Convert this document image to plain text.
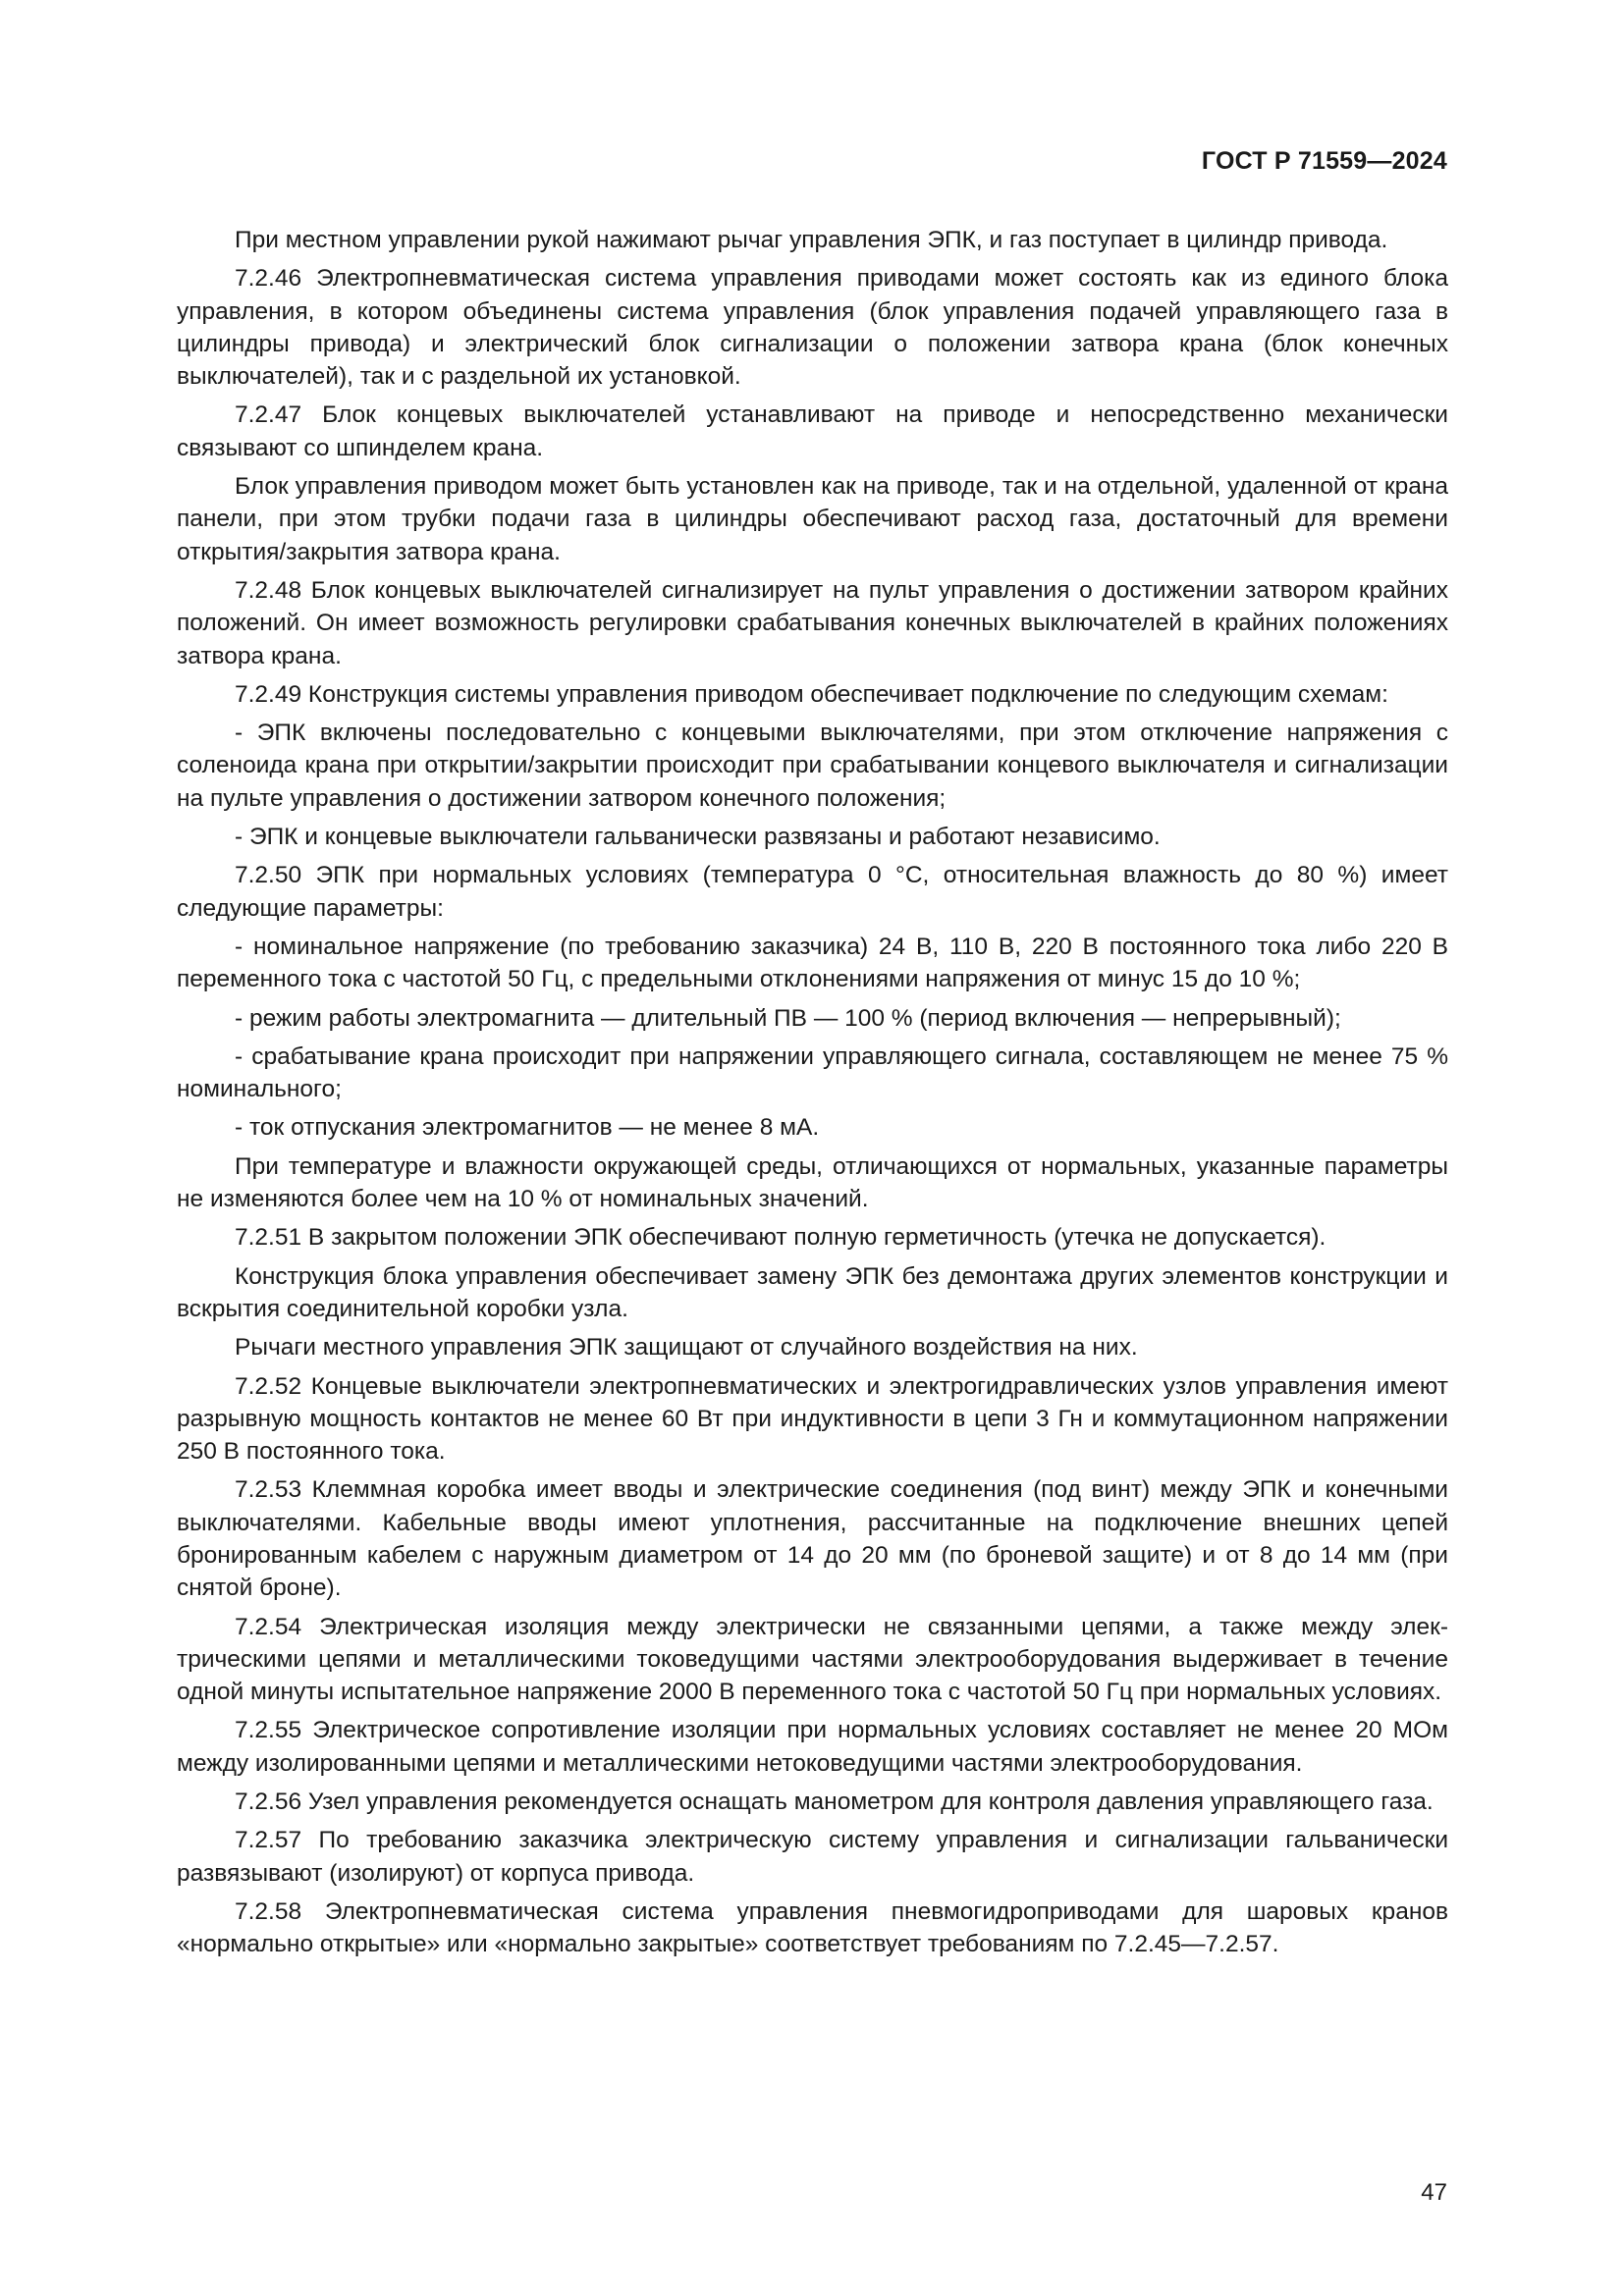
ГОСТ Р 71559—2024

При местном управлении рукой нажимают рычаг управления ЭПК, и газ поступает в цилиндр привода.

7.2.46 Электропневматическая система управления приводами может состоять как из единого блока управления, в котором объединены система управления (блок управления подачей управляющего газа в цилиндры привода) и электрический блок сигнализации о положении затвора крана (блок конечных выключателей), так и с раздельной их установкой.

7.2.47 Блок концевых выключателей устанавливают на приводе и непосредственно механически связывают со шпинделем крана.

Блок управления приводом может быть установлен как на приводе, так и на отдельной, удаленной от крана панели, при этом трубки подачи газа в цилиндры обеспечивают расход газа, достаточный для времени открытия/закрытия затвора крана.

7.2.48 Блок концевых выключателей сигнализирует на пульт управления о достижении затвором крайних положений. Он имеет возможность регулировки срабатывания конечных выключателей в крайних положениях затвора крана.

7.2.49 Конструкция системы управления приводом обеспечивает подключение по следующим схемам:

- ЭПК включены последовательно с концевыми выключателями, при этом отключение напряжения с соленоида крана при открытии/закрытии происходит при срабатывании концевого выключателя и сигнализации на пульте управления о достижении затвором конечного положения;

- ЭПК и концевые выключатели гальванически развязаны и работают независимо.

7.2.50 ЭПК при нормальных условиях (температура 0 °С, относительная влажность до 80 %) имеет следующие параметры:

- номинальное напряжение (по требованию заказчика) 24 В, 110 В, 220 В постоянного тока либо 220 В переменного тока с частотой 50 Гц, с предельными отклонениями напряжения от минус 15 до 10 %;

- режим работы электромагнита — длительный ПВ — 100 % (период включения — непрерывный);

- срабатывание крана происходит при напряжении управляющего сигнала, составляющем не менее 75 % номинального;

- ток отпускания электромагнитов — не менее 8 мА.

При температуре и влажности окружающей среды, отличающихся от нормальных, указанные параметры не изменяются более чем на 10 % от номинальных значений.

7.2.51 В закрытом положении ЭПК обеспечивают полную герметичность (утечка не допускается).

Конструкция блока управления обеспечивает замену ЭПК без демонтажа других элементов конструкции и вскрытия соединительной коробки узла.

Рычаги местного управления ЭПК защищают от случайного воздействия на них.

7.2.52 Концевые выключатели электропневматических и электрогидравлических узлов управления имеют разрывную мощность контактов не менее 60 Вт при индуктивности в цепи 3 Гн и коммутационном напряжении 250 В постоянного тока.

7.2.53 Клеммная коробка имеет вводы и электрические соединения (под винт) между ЭПК и конечными выключателями. Кабельные вводы имеют уплотнения, рассчитанные на подключение внешних цепей бронированным кабелем с наружным диаметром от 14 до 20 мм (по броневой защите) и от 8 до 14 мм (при снятой броне).

7.2.54 Электрическая изоляция между электрически не связанными цепями, а также между электрическими цепями и металлическими токоведущими частями электрооборудования выдерживает в течение одной минуты испытательное напряжение 2000 В переменного тока с частотой 50 Гц при нормальных условиях.

7.2.55 Электрическое сопротивление изоляции при нормальных условиях составляет не менее 20 МОм между изолированными цепями и металлическими нетоковедущими частями электрооборудования.

7.2.56 Узел управления рекомендуется оснащать манометром для контроля давления управляющего газа.

7.2.57 По требованию заказчика электрическую систему управления и сигнализации гальванически развязывают (изолируют) от корпуса привода.

7.2.58 Электропневматическая система управления пневмогидроприводами для шаровых кранов «нормально открытые» или «нормально закрытые» соответствует требованиям по 7.2.45—7.2.57.

47
